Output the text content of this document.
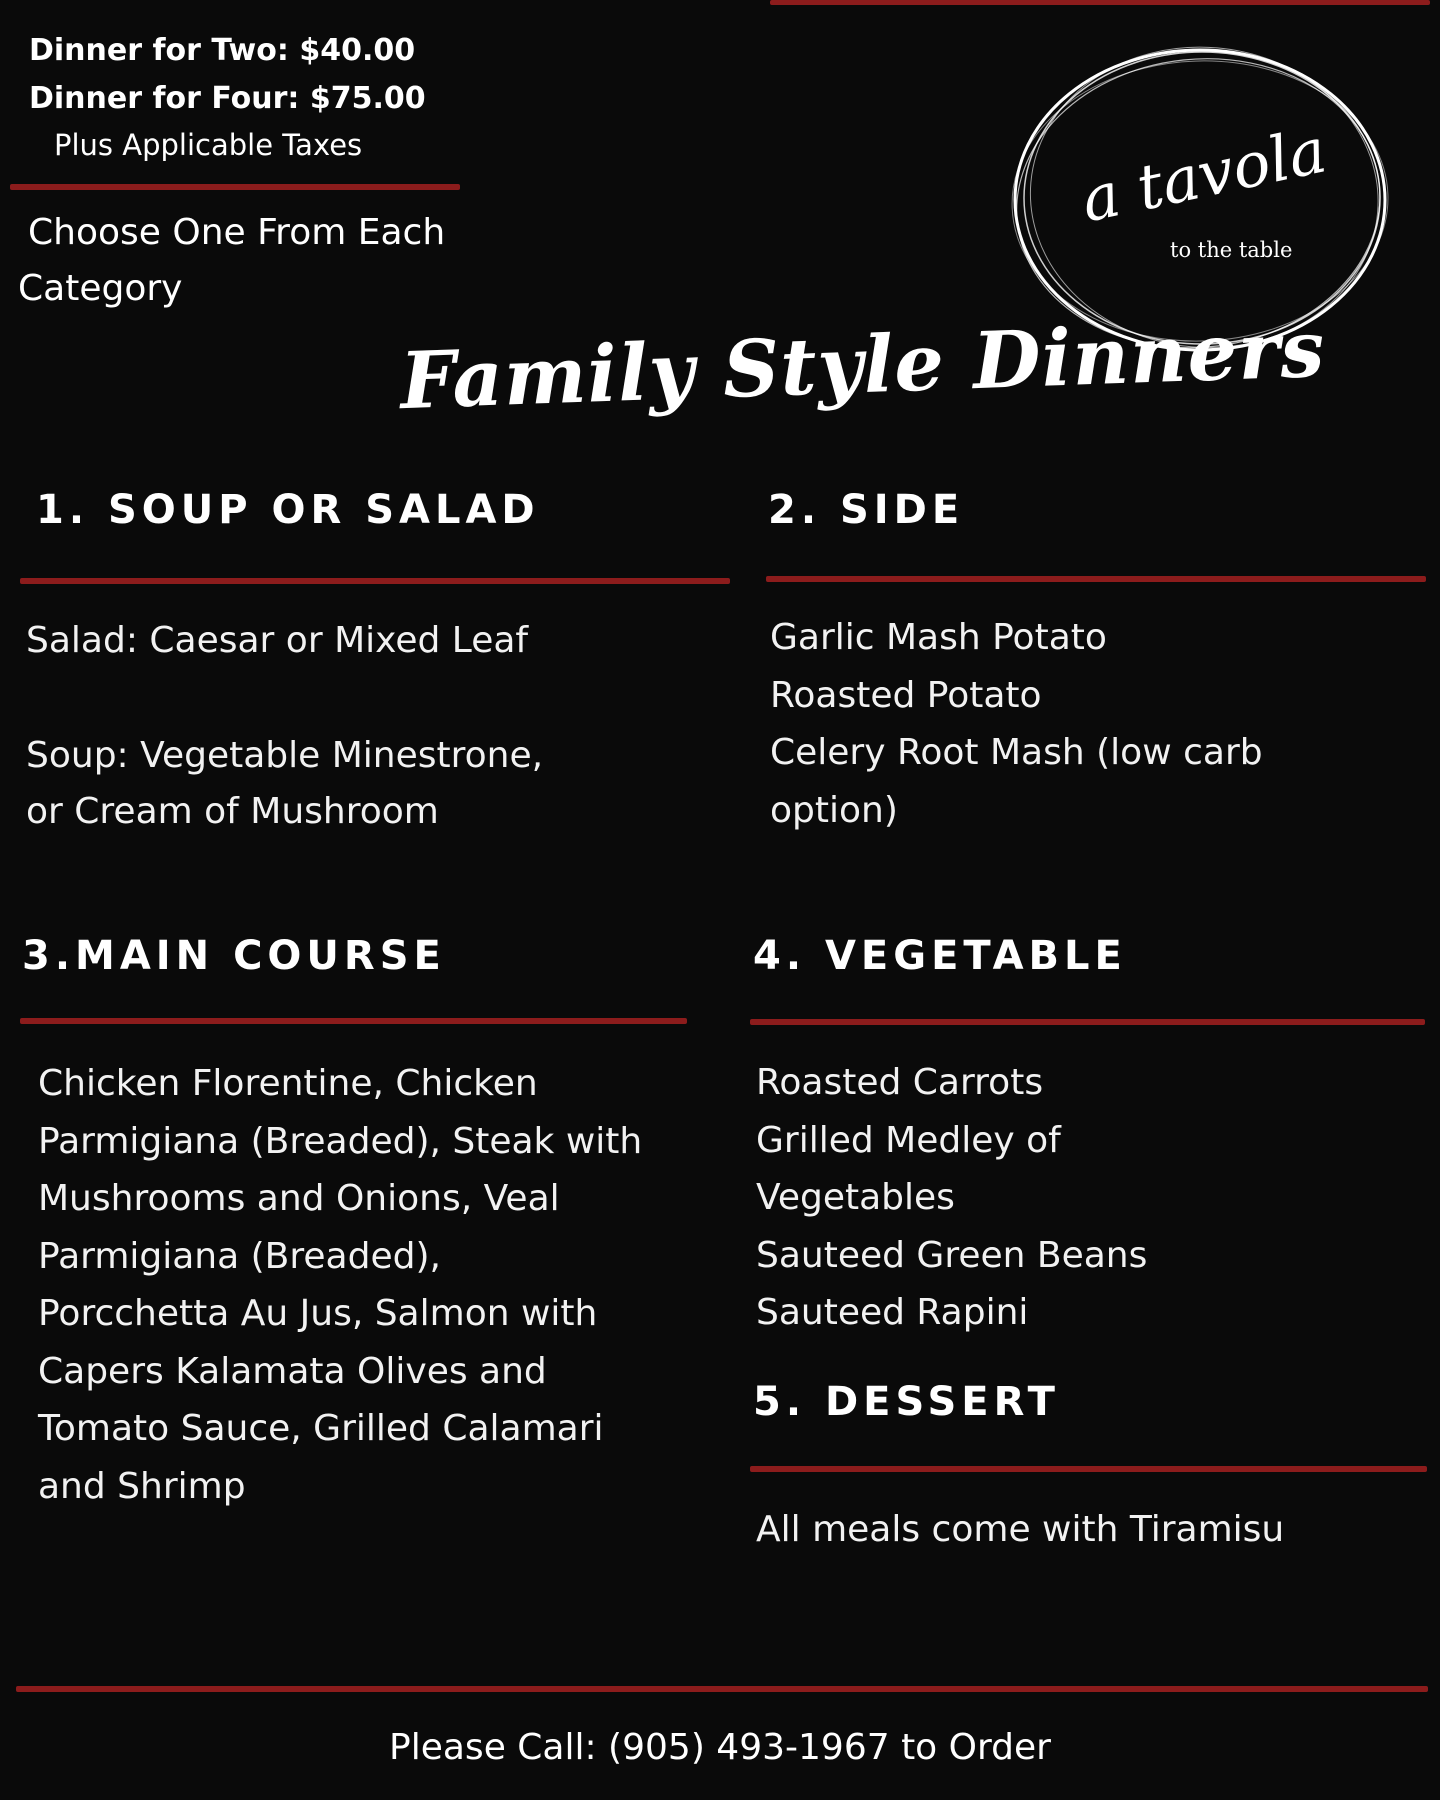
Dinner for Two: $40.00
Dinner for Four: $75.00
Plus Applicable Taxes
Choose One From Each Category
a tavola
to the table
Family Style Dinners
1. SOUP OR SALAD
Salad: Caesar or Mixed Leaf
Soup: Vegetable Minestrone,
or Cream of Mushroom
2. SIDE
Garlic Mash Potato
Roasted Potato
Celery Root Mash (low carb
option)
3.MAIN COURSE
Chicken Florentine, Chicken
Parmigiana (Breaded), Steak with
Mushrooms and Onions, Veal
Parmigiana (Breaded),
Porcchetta Au Jus, Salmon with
Capers Kalamata Olives and
Tomato Sauce, Grilled Calamari
and Shrimp
4. VEGETABLE
Roasted Carrots
Grilled Medley of
Vegetables
Sauteed Green Beans
Sauteed Rapini
5. DESSERT
All meals come with Tiramisu
Please Call: (905) 493-1967 to Order
